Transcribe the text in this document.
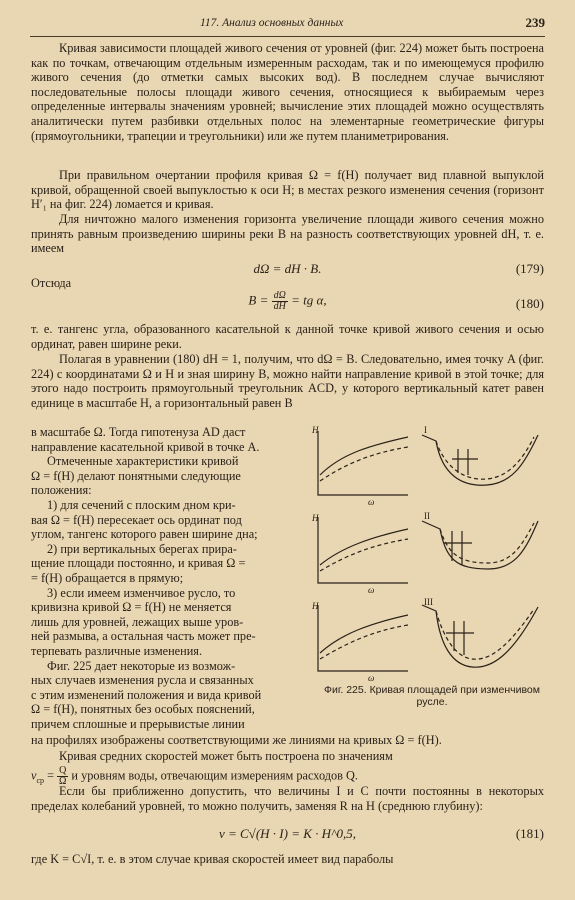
117. Анализ основных данных	239

Кривая зависимости площадей живого сечения от уровней (фиг. 224) может быть построена как по точкам, отвечающим отдельным измеренным расходам, так и по имеющемуся профилю живого сечения (до отметки самых высоких вод). В последнем случае вычисляют последовательные полосы площади живого сечения, относящиеся к выбираемым через определенные интервалы значениям уровней; вычисление этих площадей можно осуществлять аналитически путем разбивки отдельных полос на элементарные геометрические фигуры (прямоугольники, трапеции и треугольники) или же путем планиметрирования.

При правильном очертании профиля кривая Ω = f(H) получает вид плавной выпуклой кривой, обращенной своей выпуклостью к оси H; в местах резкого изменения сечения (горизонт H′₁ на фиг. 224) ломается и кривая.

Для ничтожно малого изменения горизонта увеличение площади живого сечения можно принять равным произведению ширины реки B на разность соответствующих уровней dH, т. е. имеем

dΩ = dH · B.	(179)

Отсюда

$B = \frac{d\Omega}{dH}$ = tg α,	(180)

т. е. тангенс угла, образованного касательной к данной точке кривой живого сечения и осью ординат, равен ширине реки.

Полагая в уравнении (180) dH = 1, получим, что dΩ = B. Следовательно, имея точку A (фиг. 224) с координатами Ω и H и зная ширину B, можно найти направление кривой в этой точке; для этого надо построить прямоугольный треугольник ACD, у которого вертикальный катет равен единице в масштабе H, а горизонтальный равен B

в масштабе Ω. Тогда гипотенуза AD даст

направление касательной кривой в точке A.

Отмеченные характеристики кривой

Ω = f(H) делают понятными следующие

положения:

1) для сечений с плоским дном кри-

вая Ω = f(H) пересекает ось ординат под

углом, тангенс которого равен ширине дна;

2) при вертикальных берегах прира-

щение площади постоянно, и кривая Ω =

= f(H) обращается в прямую;

3) если имеем изменчивое русло, то

кривизна кривой Ω = f(H) не меняется

лишь для уровней, лежащих выше уров-

ней размыва, а остальная часть может пре-

терпевать различные изменения.

Фиг. 225 дает некоторые из возмож-

ных случаев изменения русла и связанных

с этим изменений положения и вида кривой

Ω = f(H), понятных без особых пояснений,

причем сплошные и прерывистые линии

H
ω
H
ω
H
ω
I
II
III
Фиг. 225. Кривая площадей при изменчивом русле.

на профилях изображены соответствующими же линиями на кривых Ω = f(H).

Кривая средних скоростей может быть построена по значениям

$v_{ср} = \frac{Q}{\Omega}$ и уровням воды, отвечающим измерениям расходов Q.

Если бы приближенно допустить, что величины I и C почти постоянны в некоторых пределах колебаний уровней, то можно получить, заменяя R на H (среднюю глубину):

v = C√(H · I) = K · H^0,5,	(181)

где K = C√I, т. е. в этом случае кривая скоростей имеет вид параболы
